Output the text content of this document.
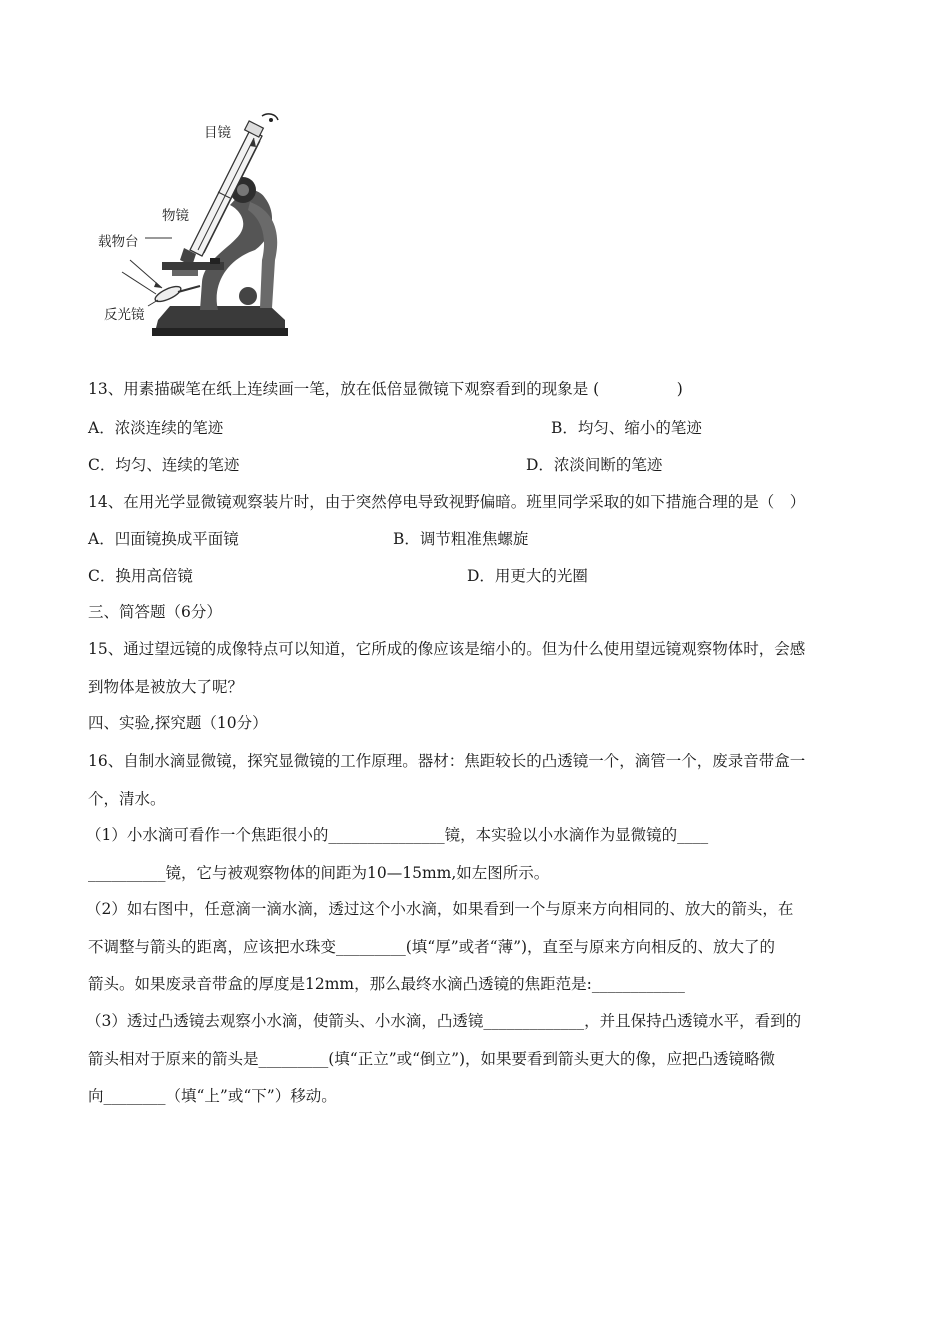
目镜
物镜
载物台
反光镜
13、用素描碳笔在纸上连续画一笔，放在低倍显微镜下观察看到的现象是 (　　　　　)
A．浓淡连续的笔迹	B．均匀、缩小的笔迹
C．均匀、连续的笔迹	D．浓淡间断的笔迹
14、在用光学显微镜观察装片时，由于突然停电导致视野偏暗。班里同学采取的如下措施合理的是（　）
A．凹面镜换成平面镜	B．调节粗准焦螺旋
C．换用高倍镜	D．用更大的光圈
三、简答题（6分）
15、通过望远镜的成像特点可以知道，它所成的像应该是缩小的。但为什么使用望远镜观察物体时，会感
到物体是被放大了呢？
四、实验,探究题（10分）
16、自制水滴显微镜，探究显微镜的工作原理。器材：焦距较长的凸透镜一个，滴管一个，废录音带盒一
个，清水。
（1）小水滴可看作一个焦距很小的_______________镜，本实验以小水滴作为显微镜的____
__________镜，它与被观察物体的间距为10—15mm,如左图所示。
（2）如右图中，任意滴一滴水滴，透过这个小水滴，如果看到一个与原来方向相同的、放大的箭头，在
不调整与箭头的距离，应该把水珠变_________(填“厚”或者“薄”)，直至与原来方向相反的、放大了的
箭头。如果废录音带盒的厚度是12mm，那么最终水滴凸透镜的焦距范是:____________
（3）透过凸透镜去观察小水滴，使箭头、小水滴，凸透镜_____________，并且保持凸透镜水平，看到的
箭头相对于原来的箭头是_________(填“正立”或“倒立”)，如果要看到箭头更大的像，应把凸透镜略微
向________（填“上”或“下”）移动。
